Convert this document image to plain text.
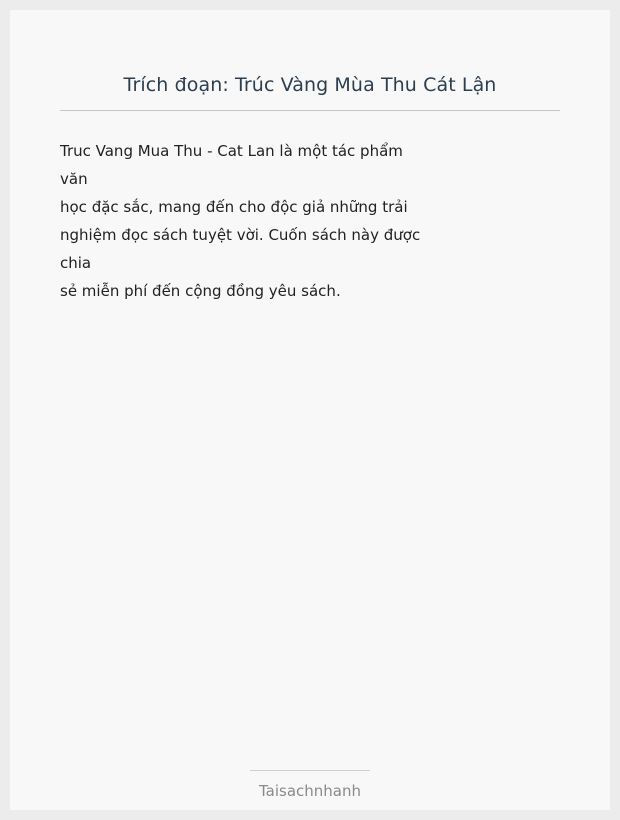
Trích đoạn: Trúc Vàng Mùa Thu Cát Lận
Truc Vang Mua Thu - Cat Lan là một tác phẩm
văn
học đặc sắc, mang đến cho độc giả những trải
nghiệm đọc sách tuyệt vời. Cuốn sách này được
chia
sẻ miễn phí đến cộng đồng yêu sách.
Taisachnhanh
